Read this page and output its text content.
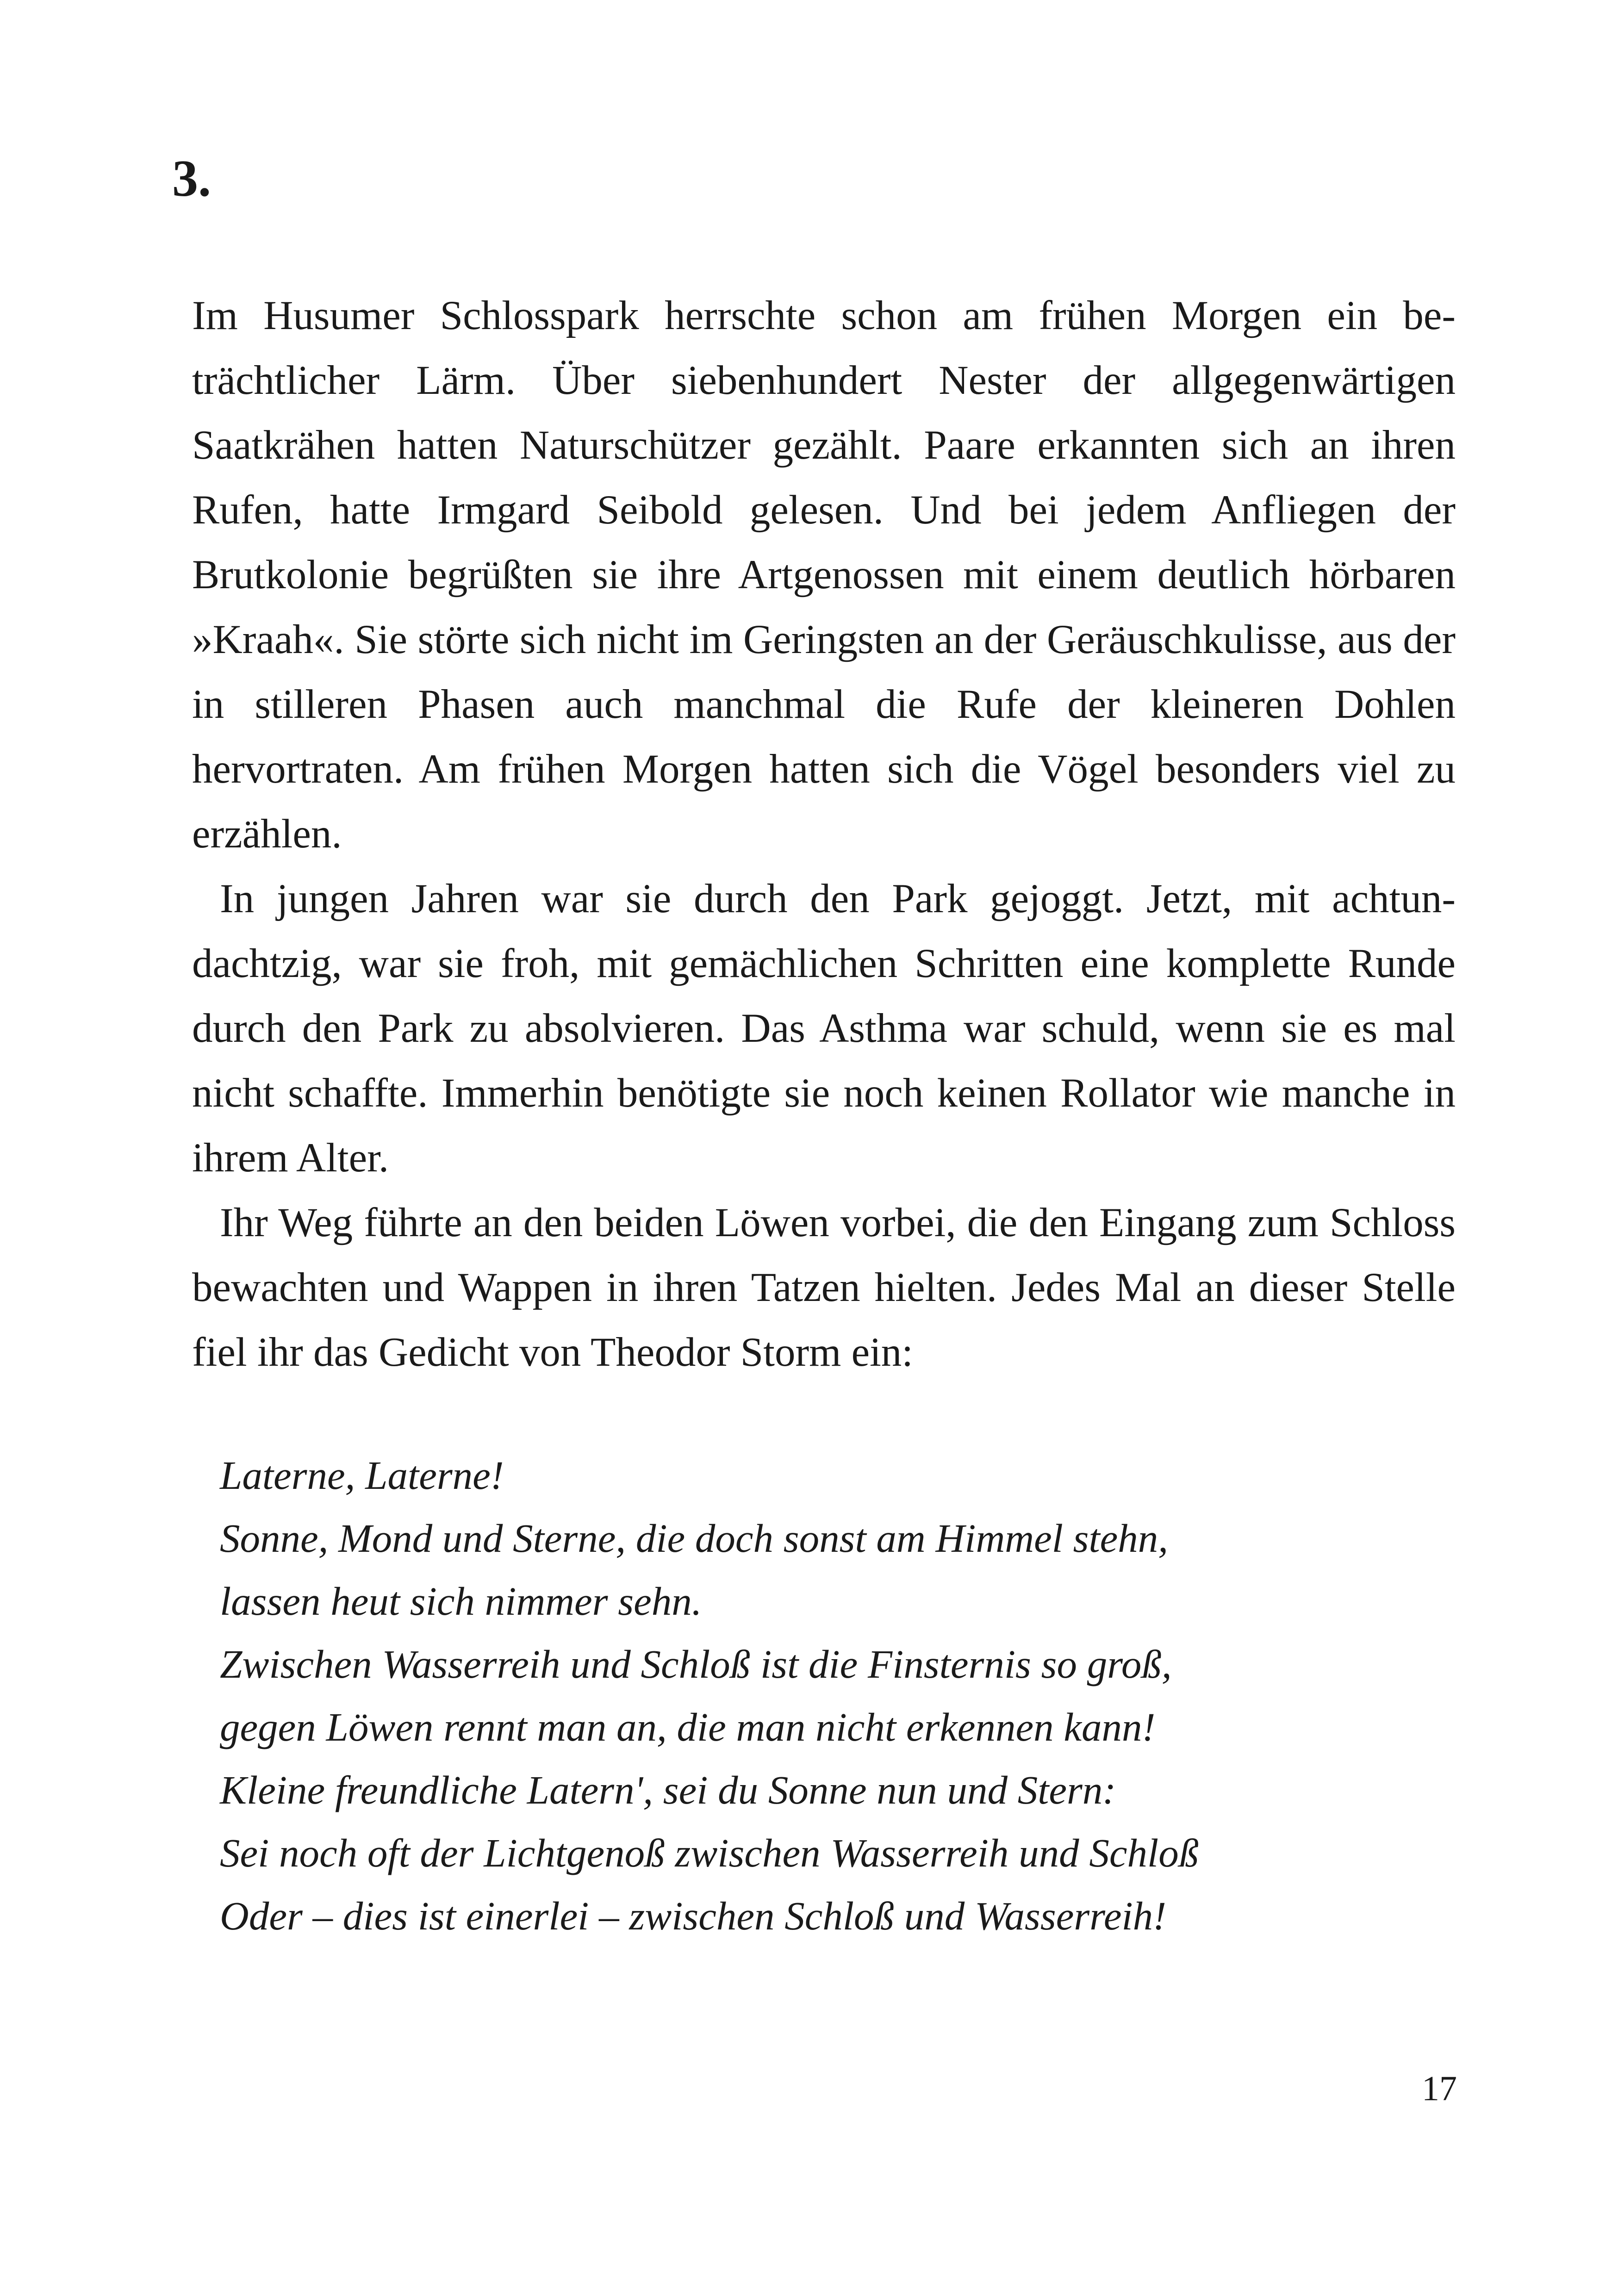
3.

Im Husumer Schlosspark herrschte schon am frühen Morgen ein beträchtlicher Lärm. Über siebenhundert Nester der allgegenwärtigen Saatkrähen hatten Naturschützer gezählt. Paare erkannten sich an ihren Rufen, hatte Irmgard Seibold gelesen. Und bei jedem Anfliegen der Brutkolonie begrüßten sie ihre Artgenossen mit einem deutlich hörbaren »Kraah«. Sie störte sich nicht im Geringsten an der Geräuschkulisse, aus der in stilleren Phasen auch manchmal die Rufe der kleineren Dohlen hervortraten. Am frühen Morgen hatten sich die Vögel besonders viel zu erzählen.

In jungen Jahren war sie durch den Park gejoggt. Jetzt, mit achtundachtzig, war sie froh, mit gemächlichen Schritten eine komplette Runde durch den Park zu absolvieren. Das Asthma war schuld, wenn sie es mal nicht schaffte. Immerhin benötigte sie noch keinen Rollator wie manche in ihrem Alter.

Ihr Weg führte an den beiden Löwen vorbei, die den Eingang zum Schloss bewachten und Wappen in ihren Tatzen hielten. Jedes Mal an dieser Stelle fiel ihr das Gedicht von Theodor Storm ein:

Laterne, Laterne!
Sonne, Mond und Sterne, die doch sonst am Himmel stehn,
lassen heut sich nimmer sehn.
Zwischen Wasserreih und Schloß ist die Finsternis so groß,
gegen Löwen rennt man an, die man nicht erkennen kann!
Kleine freundliche Latern', sei du Sonne nun und Stern:
Sei noch oft der Lichtgenoß zwischen Wasserreih und Schloß
Oder – dies ist einerlei – zwischen Schloß und Wasserreih!
17
